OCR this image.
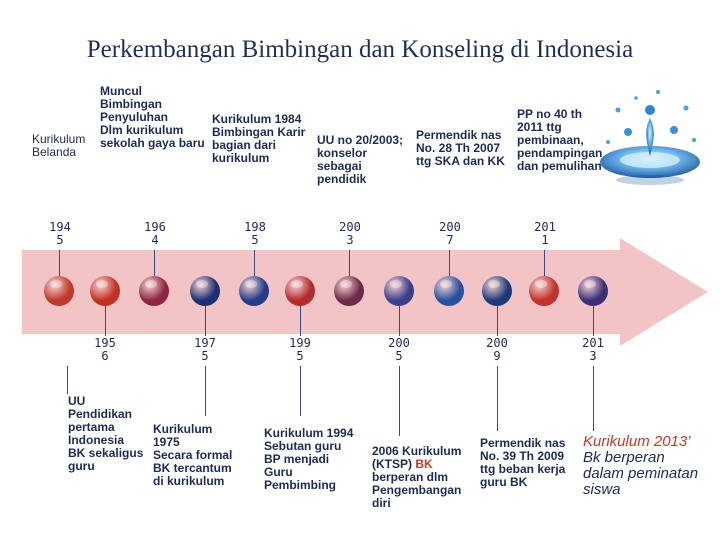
Perkembangan Bimbingan dan Konseling di Indonesia
Kurikulum
Belanda
Muncul
Bimbingan
Penyuluhan
Dlm kurikulum
sekolah gaya baru
Kurikulum 1984
Bimbingan Karir
bagian dari
kurikulum
UU no 20/2003;
konselor
sebagai
pendidik
Permendik nas
No. 28 Th 2007
ttg SKA dan KK
PP no 40 th
2011 ttg
pembinaan,
pendampingan
dan pemulihan
194
5
196
4
198
5
200
3
200
7
201
1
195
6
197
5
199
5
200
5
200
9
201
3
UU
Pendidikan
pertama
Indonesia
BK sekaligus
guru
Kurikulum
1975
Secara formal
BK tercantum
di kurikulum
Kurikulum 1994
Sebutan guru
BP menjadi
Guru
Pembimbing
2006 Kurikulum
(KTSP) BK
berperan dlm
Pengembangan
diri
Permendik nas
No. 39 Th 2009
ttg beban kerja
guru BK
Kurikulum 2013’
Bk berperan
dalam peminatan
siswa
